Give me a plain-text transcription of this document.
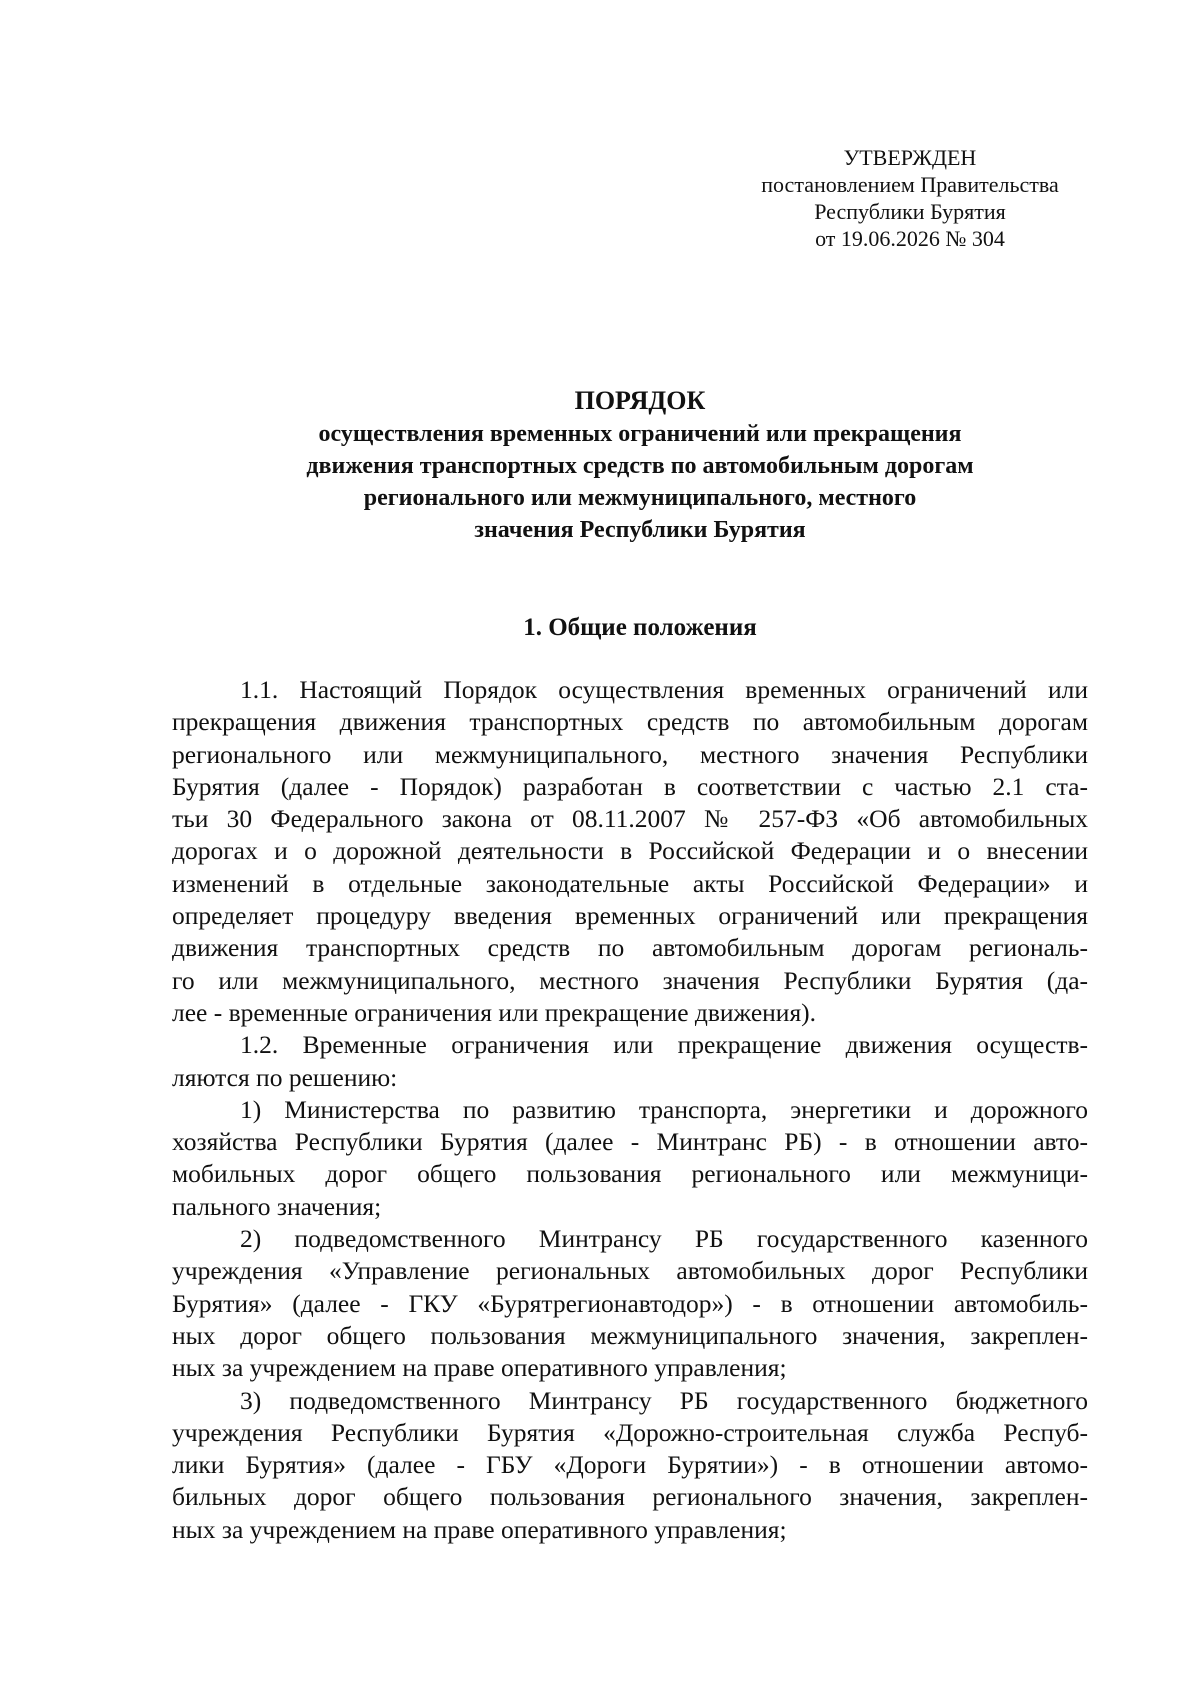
УТВЕРЖДЕН
постановлением Правительства
Республики Бурятия
от 19.06.2026 № 304
ПОРЯДОК
осуществления временных ограничений или прекращения
движения транспортных средств по автомобильным дорогам
регионального или межмуниципального, местного
значения Республики Бурятия
1. Общие положения
1.1. Настоящий Порядок осуществления временных ограничений или
прекращения движения транспортных средств по автомобильным дорогам
регионального или межмуниципального, местного значения Республики
Бурятия (далее - Порядок) разработан в соответствии с частью 2.1 ста-
тьи 30 Федерального закона от 08.11.2007 № 257-ФЗ «Об автомобильных
дорогах и о дорожной деятельности в Российской Федерации и о внесении
изменений в отдельные законодательные акты Российской Федерации» и
определяет процедуру введения временных ограничений или прекращения
движения транспортных средств по автомобильным дорогам региональ-
го или межмуниципального, местного значения Республики Бурятия (да-
лее - временные ограничения или прекращение движения).
1.2. Временные ограничения или прекращение движения осуществ-
ляются по решению:
1) Министерства по развитию транспорта, энергетики и дорожного
хозяйства Республики Бурятия (далее - Минтранс РБ) - в отношении авто-
мобильных дорог общего пользования регионального или межмуници-
пального значения;
2) подведомственного Минтрансу РБ государственного казенного
учреждения «Управление региональных автомобильных дорог Республики
Бурятия» (далее - ГКУ «Бурятрегионавтодор») - в отношении автомобиль-
ных дорог общего пользования межмуниципального значения, закреплен-
ных за учреждением на праве оперативного управления;
3) подведомственного Минтрансу РБ государственного бюджетного
учреждения Республики Бурятия «Дорожно-строительная служба Респуб-
лики Бурятия» (далее - ГБУ «Дороги Бурятии») - в отношении автомо-
бильных дорог общего пользования регионального значения, закреплен-
ных за учреждением на праве оперативного управления;
